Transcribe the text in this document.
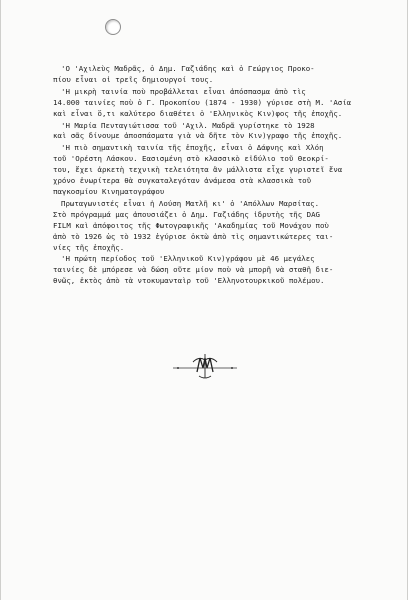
'Ο 'Αχιλεὺς Μαδρᾶς, ὁ Δημ. Γαζιάδης καὶ ὁ Γεώργιος Προκο-
πίου εἶναι οἱ τρεῖς δημιουργοί τους.

'Η μικρὴ ταινία ποὺ προβάλλεται εἶναι ἀπόσπασμα ἀπὸ τὶς
14.000 ταινίες ποὺ ὁ Γ. Προκοπίου (1874 - 1930) γύρισε στὴ Μ. 'Ασία
καὶ εἶναι ὅ,τι καλύτερο διαθέτει ὁ 'Ελληνικὸς Κιν)φος τῆς ἐποχῆς.

'Η Μαρία Πενταγιώτισσα τοῦ 'Αχιλ. Μαδρᾶ γυρίστηκε τὸ 1928
καὶ σᾶς δίνουμε ἀποσπάσματα γιὰ νὰ δῆτε τὸν Κιν)γραφο τῆς ἐποχῆς.

'Η πιὸ σημαντικὴ ταινία τῆς ἐποχῆς, εἶναι ὁ Δάφνης καὶ Χλόη
τοῦ 'Ορέστη Λάσκου. Εασισμένη στὸ κλασσικὸ εἰδύλιο τοῦ Θεοκρί-
του, ἔχει ἀρκετὴ τεχνικὴ τελειότητα ἂν μάλλιστα εἶχε γυριστεῖ ἕνα
χρόνο ἐνωρίτερα θὰ συγκαταλεγόταν ἀνάμεσα στὰ κλασσικὰ τοῦ
παγκοσμίου Κινηματογράφου

Πρωταγωνιστές εἶναι ἡ Λούση Ματλῆ κι' ὁ 'Απόλλων Μαρσίτας.
Στὸ πρόγραμμά μας ἀπουσιάζει ὁ Δημ. Γαζιάδης ἱδρυτὴς τῆς DAG
FILM καὶ ἀπόφοιτος τῆς Φωτογραφικῆς 'Ακαδημίας τοῦ Μονάχου ποὺ
ἀπὸ τὸ 1926 ὡς τὸ 1932 ἐγύρισε ὀκτὼ ἀπὸ τὶς σημαντικώτερες ται-
νίες τῆς ἐποχῆς.

'Η πρώτη περίοδος τοῦ 'Ελληνικοῦ Κιν)γράφου μὲ 46 μεγάλες
ταινίες δὲ μπόρεσε νὰ δώση οὔτε μίον ποὺ νὰ μπορῆ νὰ σταθῆ διε-
θνῶς, ἐκτὸς ἀπὸ τὰ ντοκυμανταὶρ τοῦ 'Ελληνοτουρκικοῦ πολέμου.
